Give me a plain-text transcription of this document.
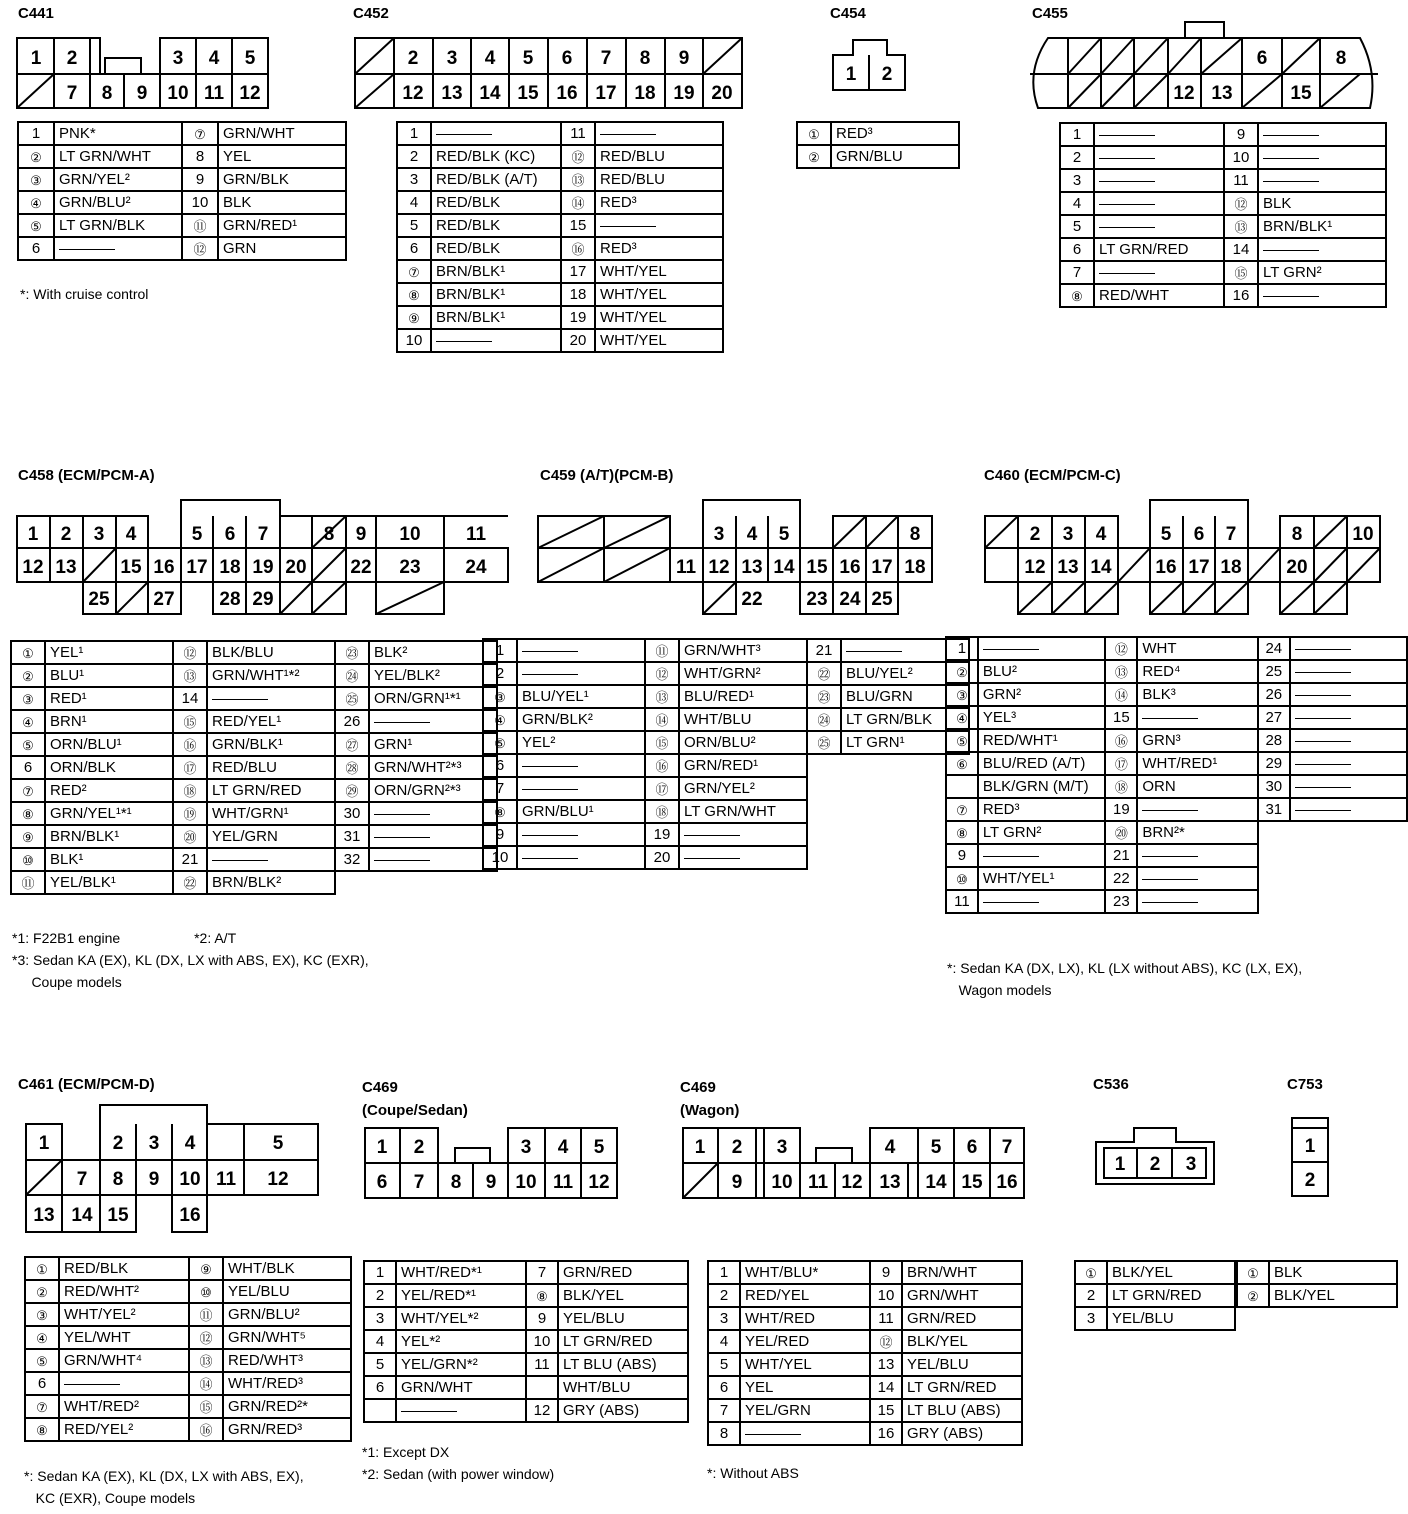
C441	C452	C454	C455
C458 (ECM/PCM-A)	C459 (A/T)(PCM-B)	C460 (ECM/PCM-C)
C461 (ECM/PCM-D)	C469
(Coupe/Sedan)
C469
(Wagon)
C536	C753
1 2	3 4 5
7 8 9 10 11 12
2 3 4 5 6 7 8 9
12 13 14 15 16 17 18 19 20
1 2
6	8
12 13	15
1 2 3 4
12 13 15 16
25 27
5 6 7
17 18 19 20
28 29
8 9 10 11
22 23 24	11
3 4 5
12 13 14
22
15 16 17 18
23 24 25
8	2 3 4
12 13 14
5 6 7
16 17 18
8	10
20
1	2 3 4	5
7 8 9 10 11 12
13 14 15	16
1 2	3 4 5
6 7 8 9 10 11 12
1 2 3	4 5 6 7
9 10 11 12 13 14 15 16
1 2 3
1
2
1	PNK*	⑦	GRN/WHT
②	LT GRN/WHT	8	YEL
③	GRN/YEL²	9	GRN/BLK
④	GRN/BLU²	10	BLK
⑤	LT GRN/BLK	⑪	GRN/RED¹
6		⑫	GRN
*: With cruise control
1		11	
2	RED/BLK (KC)	⑫	RED/BLU
3	RED/BLK (A/T)	⑬	RED/BLU
4	RED/BLK	⑭	RED³
5	RED/BLK	15	
6	RED/BLK	⑯	RED³
⑦	BRN/BLK¹	17	WHT/YEL
⑧	BRN/BLK¹	18	WHT/YEL
⑨	BRN/BLK¹	19	WHT/YEL
10		20	WHT/YEL
①	RED³
②	GRN/BLU
1		9	
2		10	
3		11	
4		⑫	BLK
5		⑬	BRN/BLK¹
6	LT GRN/RED	14	
7		⑮	LT GRN²
⑧	RED/WHT	16	
①	YEL¹	⑫	BLK/BLU	㉓	BLK²
②	BLU¹	⑬	GRN/WHT¹*²	㉔	YEL/BLK²
③	RED¹	14		㉕	ORN/GRN¹*¹
④	BRN¹	⑮	RED/YEL¹	26	
⑤	ORN/BLU¹	⑯	GRN/BLK¹	㉗	GRN¹
6	ORN/BLK	⑰	RED/BLU	㉘	GRN/WHT²*³
⑦	RED²	⑱	LT GRN/RED	㉙	ORN/GRN²*³
⑧	GRN/YEL¹*¹	⑲	WHT/GRN¹	30	
⑨	BRN/BLK¹	⑳	YEL/GRN	31	
⑩	BLK¹	21		32	
⑪	YEL/BLK¹	㉒	BRN/BLK²		
*1: F22B1 engine                   *2: A/T
*3: Sedan KA (EX), KL (DX, LX with ABS, EX), KC (EXR),
Coupe models
1		⑪	GRN/WHT³	21	
2		⑫	WHT/GRN²	㉒	BLU/YEL²
③	BLU/YEL¹	⑬	BLU/RED¹	㉓	BLU/GRN
④	GRN/BLK²	⑭	WHT/BLU	㉔	LT GRN/BLK
⑤	YEL²	⑮	ORN/BLU²	㉕	LT GRN¹
6		⑯	GRN/RED¹		
7		⑰	GRN/YEL²		
⑧	GRN/BLU¹	⑱	LT GRN/WHT		
9		19			
10		20			
1		⑫	WHT	24	
②	BLU²	⑬	RED⁴	25	
③	GRN²	⑭	BLK³	26	
④	YEL³	15		27	
⑤	RED/WHT¹	⑯	GRN³	28	
⑥	BLU/RED (A/T)	⑰	WHT/RED¹	29	
	BLK/GRN (M/T)	⑱	ORN	30	
⑦	RED³	19		31	
⑧	LT GRN²	⑳	BRN²*		
9		21			
⑩	WHT/YEL¹	22			
11		23			
*: Sedan KA (DX, LX), KL (LX without ABS), KC (LX, EX),
Wagon models
①	RED/BLK	⑨	WHT/BLK
②	RED/WHT²	⑩	YEL/BLU
③	WHT/YEL²	⑪	GRN/BLU²
④	YEL/WHT	⑫	GRN/WHT⁵
⑤	GRN/WHT⁴	⑬	RED/WHT³
6		⑭	WHT/RED³
⑦	WHT/RED²	⑮	GRN/RED²*
⑧	RED/YEL²	⑯	GRN/RED³
*: Sedan KA (EX), KL (DX, LX with ABS, EX),
KC (EXR), Coupe models
1	WHT/RED*¹	7	GRN/RED
2	YEL/RED*¹	⑧	BLK/YEL
3	WHT/YEL*²	9	YEL/BLU
4	YEL*²	10	LT GRN/RED
5	YEL/GRN*²	11	LT BLU (ABS)
6	GRN/WHT		WHT/BLU
		12	GRY (ABS)
*1: Except DX
*2: Sedan (with power window)
1	WHT/BLU*	9	BRN/WHT
2	RED/YEL	10	GRN/WHT
3	WHT/RED	11	GRN/RED
4	YEL/RED	⑫	BLK/YEL
5	WHT/YEL	13	YEL/BLU
6	YEL	14	LT GRN/RED
7	YEL/GRN	15	LT BLU (ABS)
8		16	GRY (ABS)
*: Without ABS
①	BLK/YEL
2	LT GRN/RED
3	YEL/BLU
①	BLK
②	BLK/YEL
